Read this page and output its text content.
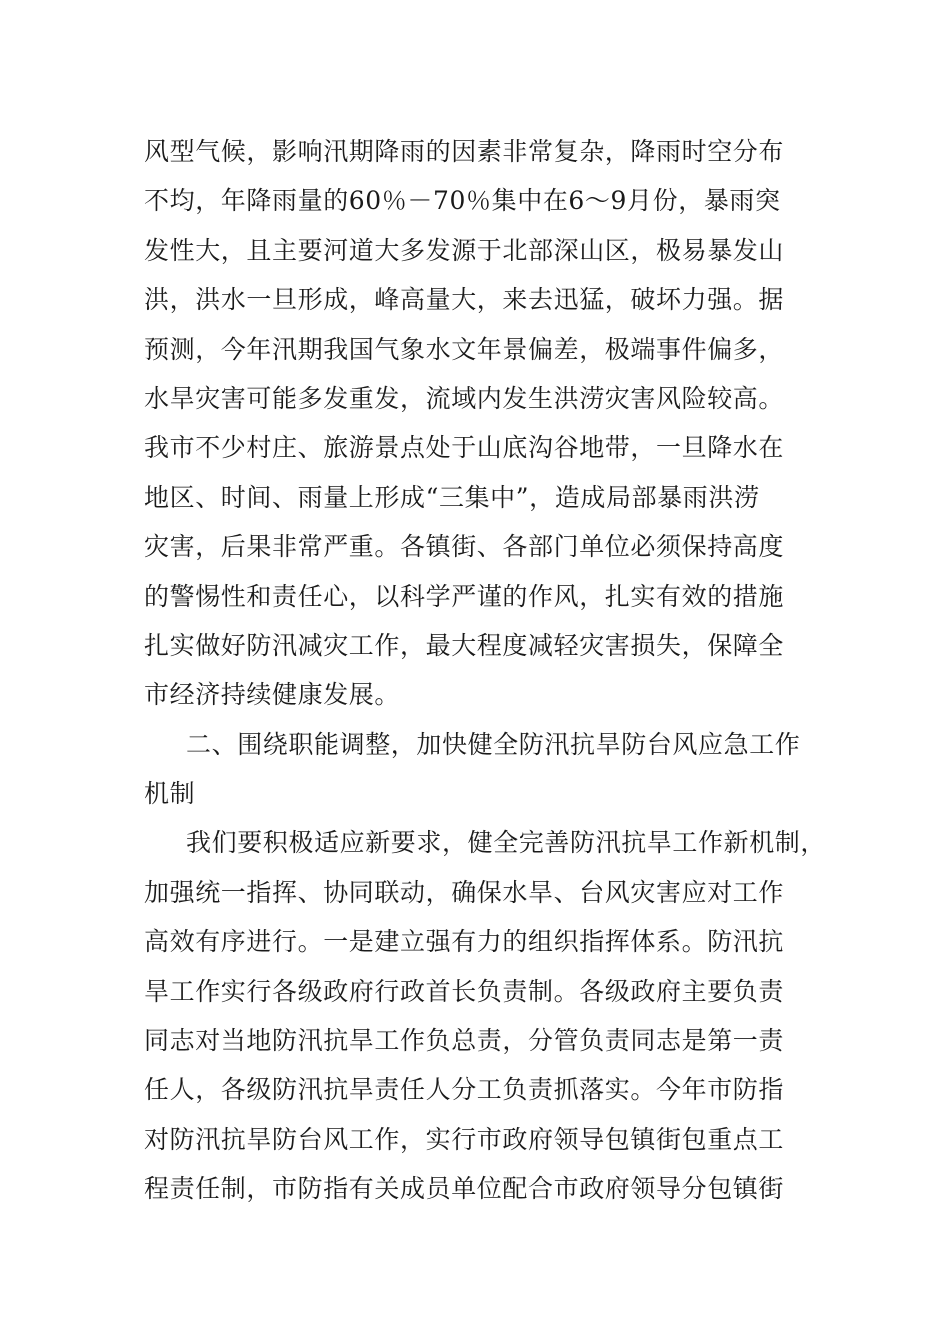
风型气候，影响汛期降雨的因素非常复杂，降雨时空分布
不均，年降雨量的60％－70％集中在6～9月份，暴雨突
发性大，且主要河道大多发源于北部深山区，极易暴发山
洪，洪水一旦形成，峰高量大，来去迅猛，破坏力强。据
预测，今年汛期我国气象水文年景偏差，极端事件偏多，
水旱灾害可能多发重发，流域内发生洪涝灾害风险较高。
我市不少村庄、旅游景点处于山底沟谷地带，一旦降水在
地区、时间、雨量上形成“三集中”，造成局部暴雨洪涝
灾害，后果非常严重。各镇街、各部门单位必须保持高度
的警惕性和责任心，以科学严谨的作风，扎实有效的措施
扎实做好防汛减灾工作，最大程度减轻灾害损失，保障全
市经济持续健康发展。
二、围绕职能调整，加快健全防汛抗旱防台风应急工作
机制
我们要积极适应新要求，健全完善防汛抗旱工作新机制，
加强统一指挥、协同联动，确保水旱、台风灾害应对工作
高效有序进行。一是建立强有力的组织指挥体系。防汛抗
旱工作实行各级政府行政首长负责制。各级政府主要负责
同志对当地防汛抗旱工作负总责，分管负责同志是第一责
任人，各级防汛抗旱责任人分工负责抓落实。今年市防指
对防汛抗旱防台风工作，实行市政府领导包镇街包重点工
程责任制，市防指有关成员单位配合市政府领导分包镇街
